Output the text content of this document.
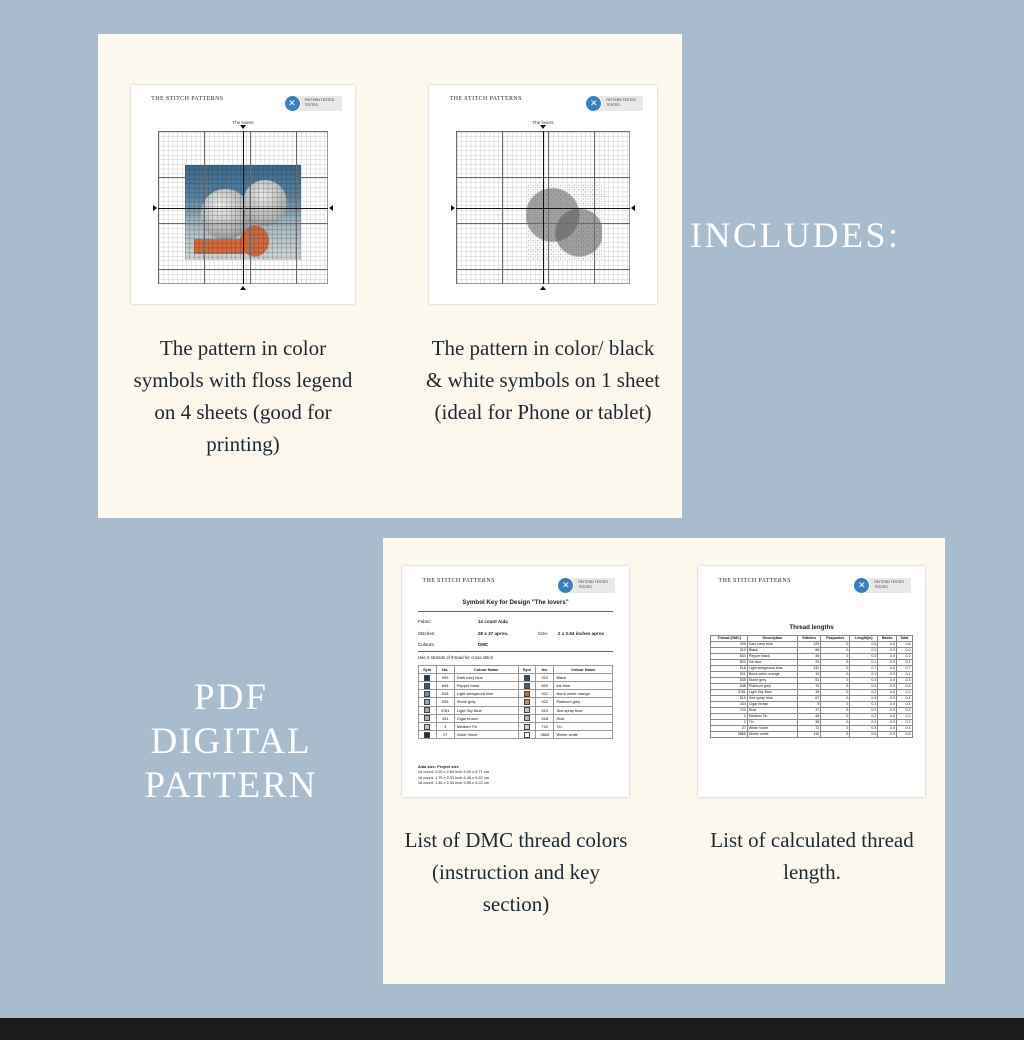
THE STITCH PATTERNS	✕	PATTERN TESTED
TESTED
The lovers
THE STITCH PATTERNS	✕	PATTERN TESTED
TESTED
The lovers
The pattern in color symbols with floss legend on 4 sheets (good for printing)
The pattern in color/ black & white symbols on 1 sheet (ideal for Phone or tablet)
INCLUDES:
THE STITCH PATTERNS	✕	PATTERN TESTED
TESTED
Symbol Key for Design "The lovers"
Fabric:	14 count Aida
Stitches:	28 x 37 aprox.	Size: 2 x 2.64 inches aprox
Colours:	DMC
Use 2 strands of thread for cross stitch
Sym	No.	Colour Name	Sym	No.	Colour Name
	939	Dark navy blue		310	Black
	844	Pepper black		803	Ink blue
	518	Light wedgwood blue		921	Burnt ochre orange
	535	Stone grey		922	Platinum grey
	3781	Light Sky Blue		519	Sea spray blue
	434	Cigar brown		518	Rust
	3	Medium Tin		720	Tin
	27	Violet Violet		3865	Winter white
Aida size: Project size
14 count: 2.00 x 2.64 inch 5.90 x 6.71 cm
16 count: 1.75 x 2.31 inch 4.45 x 5.87 cm
18 count: 1.56 x 2.05 inch 3.95 x 5.22 cm
THE STITCH PATTERNS	✕	PATTERN TESTED
TESTED
Thread lengths
Thread (DMC)	Description	Stitches	Paspuntes	Length(m)	Backs	Total
939	Dark navy blue	125	0	0.6	0.0	0.6
310	Black	66	0	0.2	0.0	0.2
844	Pepper black	46	0	0.2	0.0	0.2
803	Ink blue	29	0	0.1	0.0	0.1
518	Light wedgwood blue	131	0	0.7	0.0	0.7
921	Burnt ochre orange	19	0	0.1	0.0	0.1
535	Stone grey	51	0	0.3	0.0	0.3
646	Platinum grey	76	0	0.4	0.0	0.4
3781	Light Sky Blue	38	0	0.2	0.0	0.2
519	Sea spray blue	67	0	0.4	0.0	0.4
434	Cigar brown	9	0	0.1	0.0	0.1
720	Rust	37	0	0.2	0.0	0.2
3	Medium Tin	48	0	0.2	0.0	0.2
2	Tin	36	0	0.2	0.0	0.2
27	White Violet	72	0	0.4	0.0	0.4
3865	Winter white	110	0	0.6	0.0	0.6
List of DMC thread colors (instruction and key section)
List of calculated thread length.
PDF
DIGITAL
PATTERN
